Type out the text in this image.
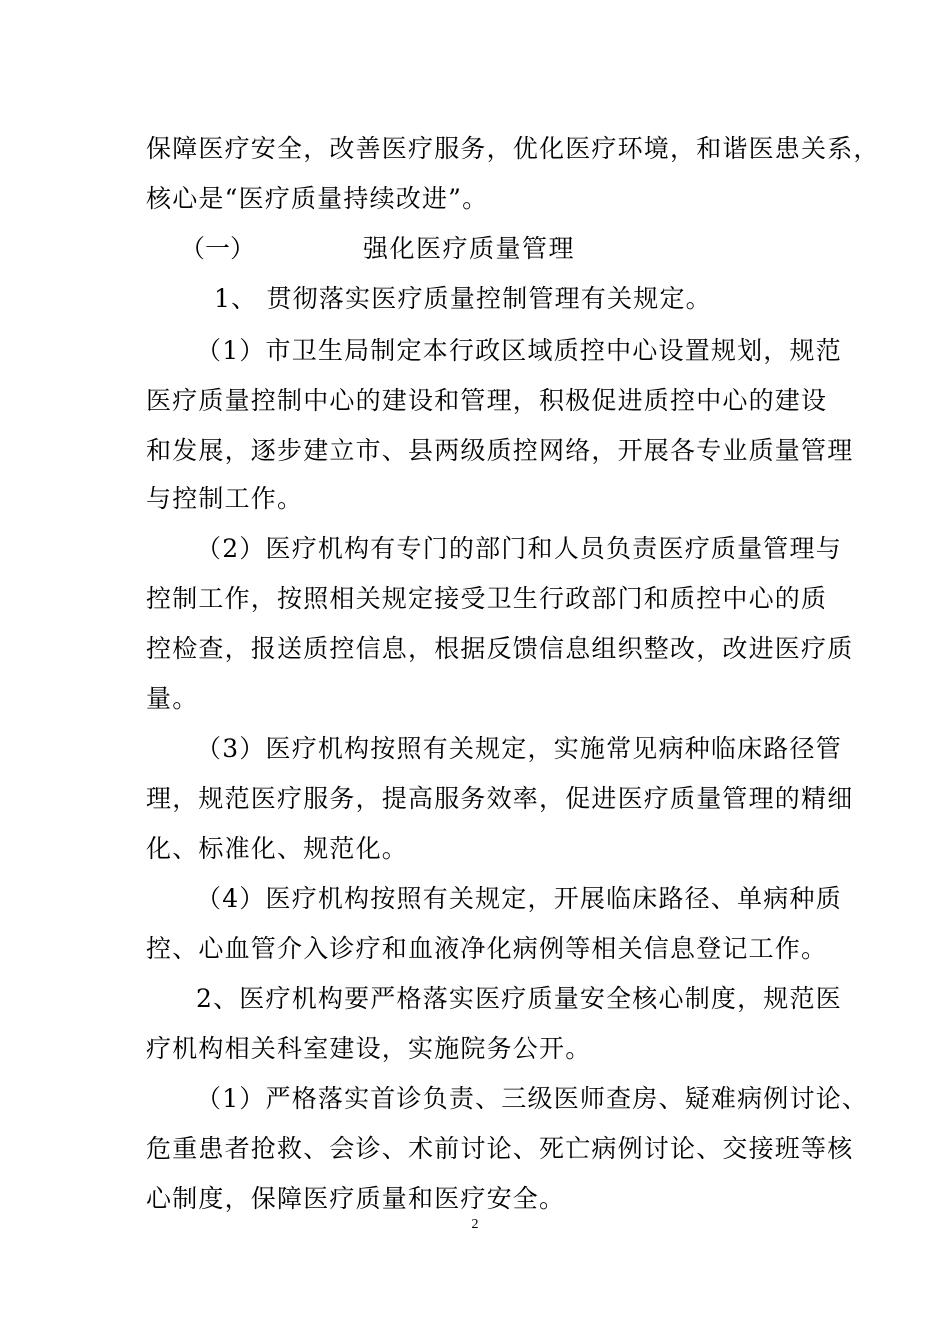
保障医疗安全，改善医疗服务，优化医疗环境，和谐医患关系，
核心是“医疗质量持续改进”。
（一）	强化医疗质量管理
1、 贯彻落实医疗质量控制管理有关规定。
（1）市卫生局制定本行政区域质控中心设置规划，规范
医疗质量控制中心的建设和管理，积极促进质控中心的建设
和发展，逐步建立市、县两级质控网络，开展各专业质量管理
与控制工作。
（2）医疗机构有专门的部门和人员负责医疗质量管理与
控制工作，按照相关规定接受卫生行政部门和质控中心的质
控检查，报送质控信息，根据反馈信息组织整改，改进医疗质
量。
（3）医疗机构按照有关规定，实施常见病种临床路径管
理，规范医疗服务，提高服务效率，促进医疗质量管理的精细
化、标准化、规范化。
（4）医疗机构按照有关规定，开展临床路径、单病种质
控、心血管介入诊疗和血液净化病例等相关信息登记工作。
2、医疗机构要严格落实医疗质量安全核心制度，规范医
疗机构相关科室建设，实施院务公开。
（1）严格落实首诊负责、三级医师查房、疑难病例讨论、
危重患者抢救、会诊、术前讨论、死亡病例讨论、交接班等核
心制度，保障医疗质量和医疗安全。
2
